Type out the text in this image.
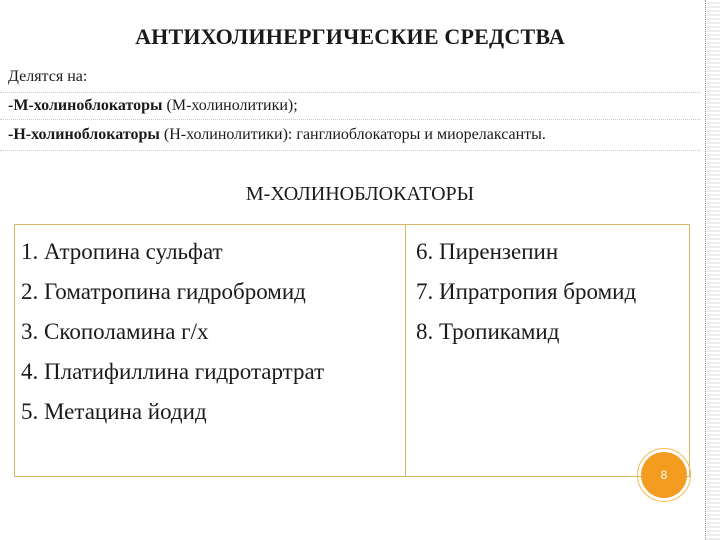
АНТИХОЛИНЕРГИЧЕСКИЕ СРЕДСТВА
Делятся на:
-М-холиноблокаторы (М-холинолитики);
-Н-холиноблокаторы (Н-холинолитики): ганглиоблокаторы и миорелаксанты.
М-ХОЛИНОБЛОКАТОРЫ
1. Атропина сульфат
2. Гоматропина гидробромид
3. Скополамина г/х
4. Платифиллина гидротартрат
5. Метацина йодид
6. Пирензепин
7. Ипратропия бромид
8. Тропикамид
8
